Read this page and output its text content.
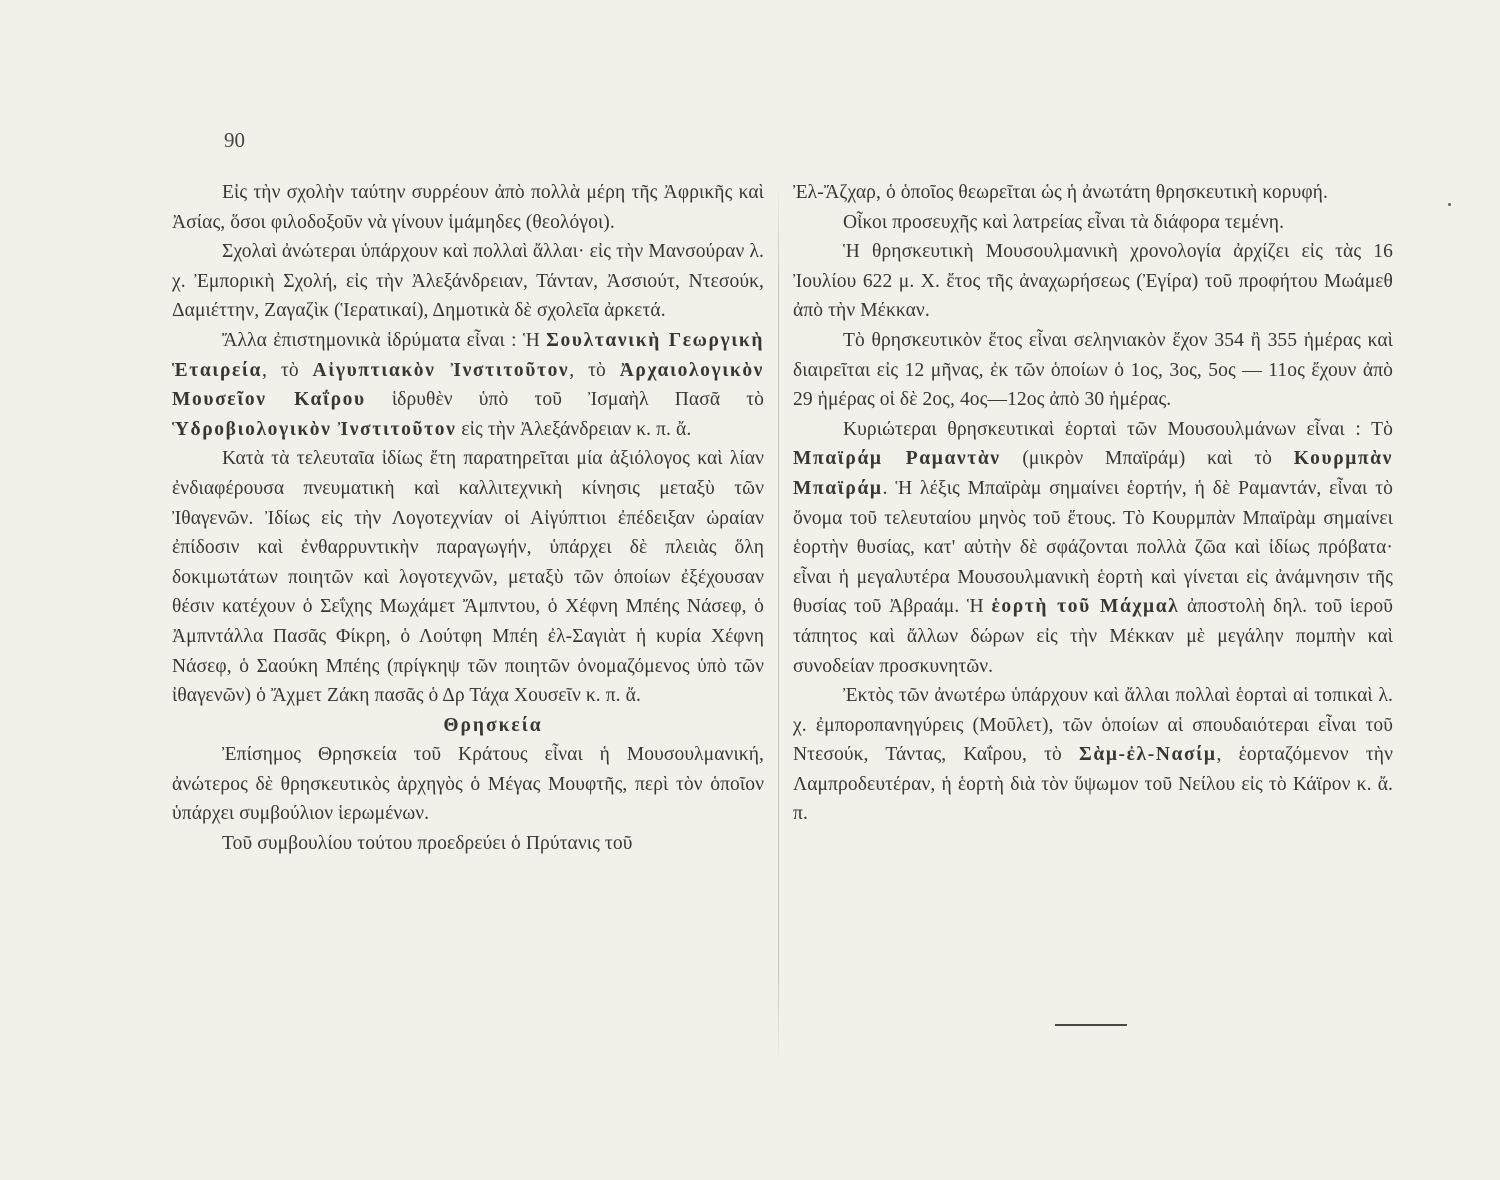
90

Εἰς τὴν σχολὴν ταύτην συρρέουν ἀπὸ πολλὰ μέρη τῆς Ἀφρικῆς καὶ Ἀσίας, ὅσοι φιλοδοξοῦν νὰ γίνουν ἱμάμηδες (θεολόγοι).

Σχολαὶ ἀνώτεραι ὑπάρχουν καὶ πολλαὶ ἄλλαι· εἰς τὴν Μανσούραν λ. χ. Ἐμπορικὴ Σχολή, εἰς τὴν Ἀλεξάνδρειαν, Τάνταν, Ἀσσιούτ, Ντεσούκ, Δαμιέττην, Ζαγαζὶκ (Ἱερατικαί), Δημοτικὰ δὲ σχολεῖα ἀρκετά.

Ἄλλα ἐπιστημονικὰ ἱδρύματα εἶναι : Ἡ Σουλτανικὴ Γεωργικὴ Ἑταιρεία, τὸ Αἰγυπτιακὸν Ἰνστιτοῦτον, τὸ Ἀρχαιολογικὸν Μουσεῖον Καΐρου ἱδρυθὲν ὑπὸ τοῦ Ἰσμαὴλ Πασᾶ τὸ Ὑδροβιολογικὸν Ἰνστιτοῦτον εἰς τὴν Ἀλεξάνδρειαν κ. π. ἄ.

Κατὰ τὰ τελευταῖα ἰδίως ἔτη παρατηρεῖται μία ἀξιόλογος καὶ λίαν ἐνδιαφέρουσα πνευματικὴ καὶ καλλιτεχνικὴ κίνησις μεταξὺ τῶν Ἰθαγενῶν. Ἰδίως εἰς τὴν Λογοτεχνίαν οἱ Αἰγύπτιοι ἐπέδειξαν ὡραίαν ἐπίδοσιν καὶ ἐνθαρρυντικὴν παραγωγήν, ὑπάρχει δὲ πλειὰς ὅλη δοκιμωτάτων ποιητῶν καὶ λογοτεχνῶν, μεταξὺ τῶν ὁποίων ἐξέχουσαν θέσιν κατέχουν ὁ Σεΐχης Μωχάμετ Ἄμπντου, ὁ Χέφνη Μπέης Νάσεφ, ὁ Ἀμπντάλλα Πασᾶς Φίκρη, ὁ Λούτφη Μπέη ἐλ-Σαγιὰτ ἡ κυρία Χέφνη Νάσεφ, ὁ Σαούκη Μπέης (πρίγκηψ τῶν ποιητῶν ὀνομαζόμενος ὑπὸ τῶν ἰθαγενῶν) ὁ Ἄχμετ Ζάκη πασᾶς ὁ Δρ Τάχα Χουσεῖν κ. π. ἄ.

Θρησκεία

Ἐπίσημος Θρησκεία τοῦ Κράτους εἶναι ἡ Μουσουλμανική, ἀνώτερος δὲ θρησκευτικὸς ἀρχηγὸς ὁ Μέγας Μουφτῆς, περὶ τὸν ὁποῖον ὑπάρχει συμβούλιον ἱερωμένων.

Τοῦ συμβουλίου τούτου προεδρεύει ὁ Πρύτανις τοῦ

Ἐλ-Ἄζχαρ, ὁ ὁποῖος θεωρεῖται ὡς ἡ ἀνωτάτη θρησκευτικὴ κορυφή.

Οἶκοι προσευχῆς καὶ λατρείας εἶναι τὰ διάφορα τεμένη.

Ἡ θρησκευτικὴ Μουσουλμανικὴ χρονολογία ἀρχίζει εἰς τὰς 16 Ἰουλίου 622 μ. Χ. ἔτος τῆς ἀναχωρήσεως (Ἐγίρα) τοῦ προφήτου Μωάμεθ ἀπὸ τὴν Μέκκαν.

Τὸ θρησκευτικὸν ἔτος εἶναι σεληνιακὸν ἔχον 354 ἢ 355 ἡμέρας καὶ διαιρεῖται εἰς 12 μῆνας, ἐκ τῶν ὁποίων ὁ 1ος, 3ος, 5ος — 11ος ἔχουν ἀπὸ 29 ἡμέρας οἱ δὲ 2ος, 4ος—12ος ἀπὸ 30 ἡμέρας.

Κυριώτεραι θρησκευτικαὶ ἑορταὶ τῶν Μουσουλμάνων εἶναι : Τὸ Μπαϊράμ Ραμαντὰν (μικρὸν Μπαϊράμ) καὶ τὸ Κουρμπὰν Μπαϊράμ. Ἡ λέξις Μπαϊρὰμ σημαίνει ἑορτήν, ἡ δὲ Ραμαντάν, εἶναι τὸ ὄνομα τοῦ τελευταίου μηνὸς τοῦ ἔτους. Τὸ Κουρμπὰν Μπαϊρὰμ σημαίνει ἑορτὴν θυσίας, κατ' αὐτὴν δὲ σφάζονται πολλὰ ζῶα καὶ ἰδίως πρόβατα· εἶναι ἡ μεγαλυτέρα Μουσουλμανικὴ ἑορτὴ καὶ γίνεται εἰς ἀνάμνησιν τῆς θυσίας τοῦ Ἀβραάμ. Ἡ ἑορτὴ τοῦ Μάχμαλ ἀποστολὴ δηλ. τοῦ ἱεροῦ τάπητος καὶ ἄλλων δώρων εἰς τὴν Μέκκαν μὲ μεγάλην πομπὴν καὶ συνοδείαν προσκυνητῶν.

Ἐκτὸς τῶν ἀνωτέρω ὑπάρχουν καὶ ἄλλαι πολλαὶ ἑορταὶ αἱ τοπικαὶ λ. χ. ἐμποροπανηγύρεις (Μοῦλετ), τῶν ὁποίων αἱ σπουδαιότεραι εἶναι τοῦ Ντεσούκ, Τάντας, Καΐρου, τὸ Σὰμ-ἐλ-Νασίμ, ἑορταζόμενον τὴν Λαμπροδευτέραν, ἡ ἑορτὴ διὰ τὸν ὕψωμον τοῦ Νείλου εἰς τὸ Κάϊρον κ. ἄ. π.
